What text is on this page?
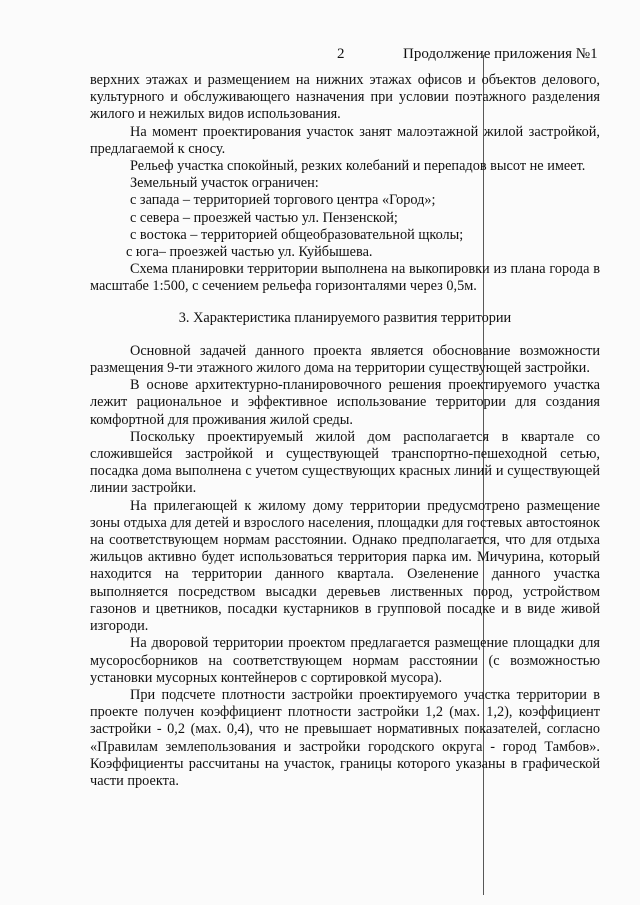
2	Продолжение приложения №1

верхних этажах и размещением на нижних этажах офисов и объектов делового, культурного и обслуживающего назначения при условии поэтажного разделения жилого и нежилых видов использования.

На момент проектирования участок занят малоэтажной жилой застройкой, предлагаемой к сносу.

Рельеф участка спокойный, резких колебаний и перепадов высот не имеет.

Земельный участок ограничен:
с запада – территорией торгового центра «Город»;
с севера – проезжей частью ул. Пензенской;
с востока – территорией общеобразовательной щколы;
с юга– проезжей частью ул. Куйбышева.

Схема планировки территории выполнена на выкопировки из плана города в масштабе 1:500, с сечением рельефа горизонталями через 0,5м.

3. Характеристика планируемого развития территории

Основной задачей данного проекта является обоснование возможности размещения 9-ти этажного жилого дома на территории существующей застройки.

В основе архитектурно-планировочного решения проектируемого участка лежит рациональное и эффективное использование территории для создания комфортной для проживания жилой среды.

Поскольку проектируемый жилой дом располагается в квартале со сложившейся застройкой и существующей транспортно-пешеходной сетью, посадка дома выполнена с учетом существующих красных линий и существующей линии застройки.

На прилегающей к жилому дому территории предусмотрено размещение зоны отдыха для детей и взрослого населения, площадки для гостевых автостоянок на соответствующем нормам расстоянии. Однако предполагается, что для отдыха жильцов активно будет использоваться территория парка им. Мичурина, который находится на территории данного квартала. Озеленение данного участка выполняется посредством высадки деревьев лиственных пород, устройством газонов и цветников, посадки кустарников в групповой посадке и в виде живой изгороди.

На дворовой территории проектом предлагается размещение площадки для мусоросборников на соответствующем нормам расстоянии (с возможностью установки мусорных контейнеров с сортировкой мусора).

При подсчете плотности застройки проектируемого участка территории в проекте получен коэффициент плотности застройки 1,2 (мах. 1,2), коэффициент застройки - 0,2 (мах. 0,4), что не превышает нормативных показателей, согласно «Правилам землепользования и застройки городского округа - город Тамбов». Коэффициенты рассчитаны на участок, границы которого указаны в графической части проекта.
